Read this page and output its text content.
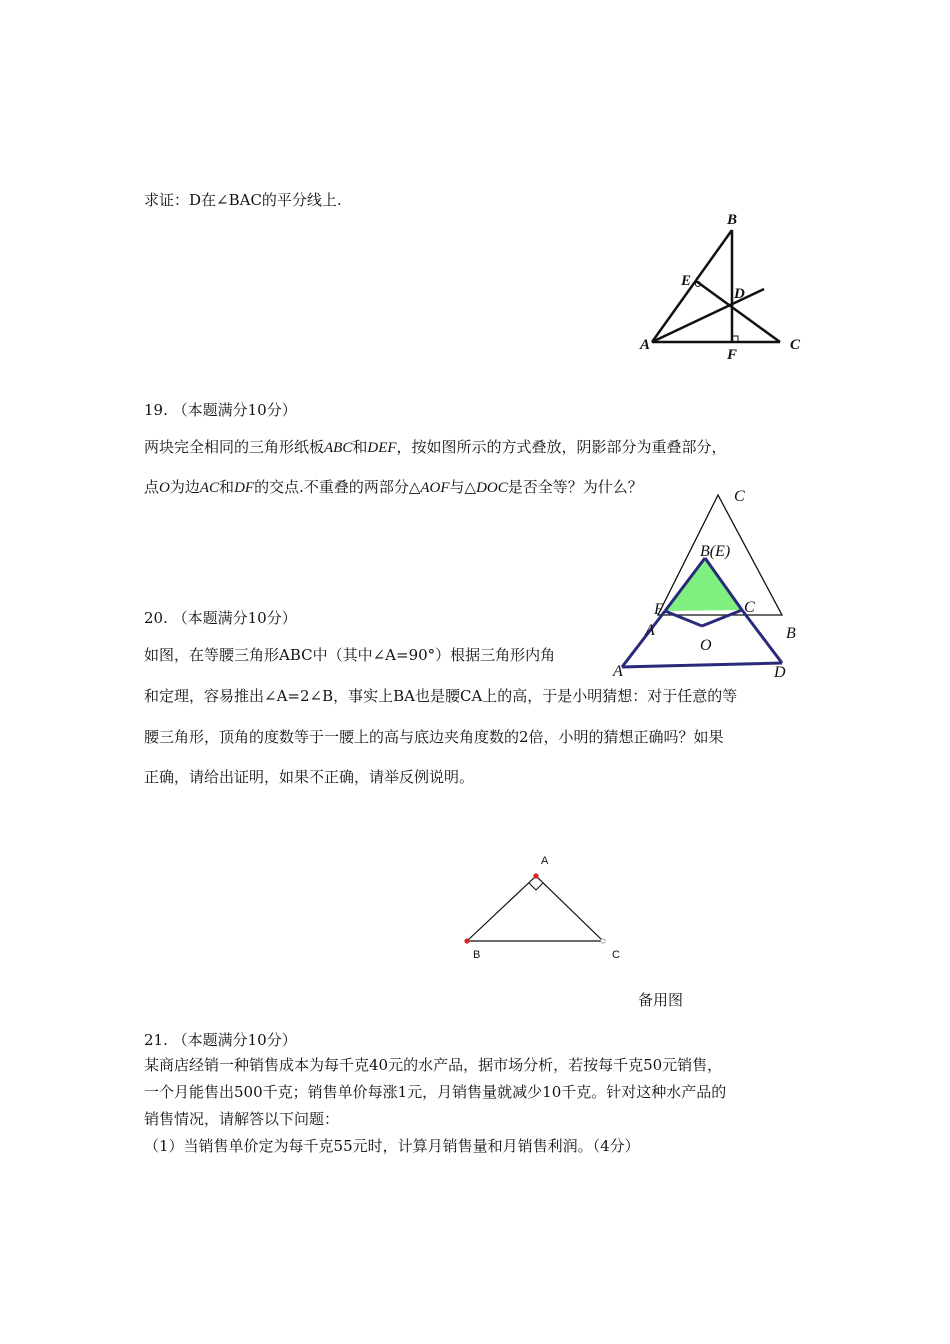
求证：D在∠BAC的平分线上.
B
E
D
A
F
C
19. （本题满分10分）
两块完全相同的三角形纸板ABC和DEF，按如图所示的方式叠放，阴影部分为重叠部分，
点O为边AC和DF的交点.不重叠的两部分△AOF与△DOC是否全等？为什么？
C
B(E)
F	C
A	B
O
A	D
20. （本题满分10分）
如图，在等腰三角形ABC中（其中∠A=90°）根据三角形内角
和定理，容易推出∠A=2∠B，事实上BA也是腰CA上的高，于是小明猜想：对于任意的等
腰三角形，顶角的度数等于一腰上的高与底边夹角度数的2倍，小明的猜想正确吗？如果
正确，请给出证明，如果不正确，请举反例说明。
A
B	C
备用图
21. （本题满分10分）
某商店经销一种销售成本为每千克40元的水产品，据市场分析，若按每千克50元销售，
一个月能售出500千克；销售单价每涨1元，月销售量就减少10千克。针对这种水产品的
销售情况，请解答以下问题：
（1）当销售单价定为每千克55元时，计算月销售量和月销售利润。（4分）
